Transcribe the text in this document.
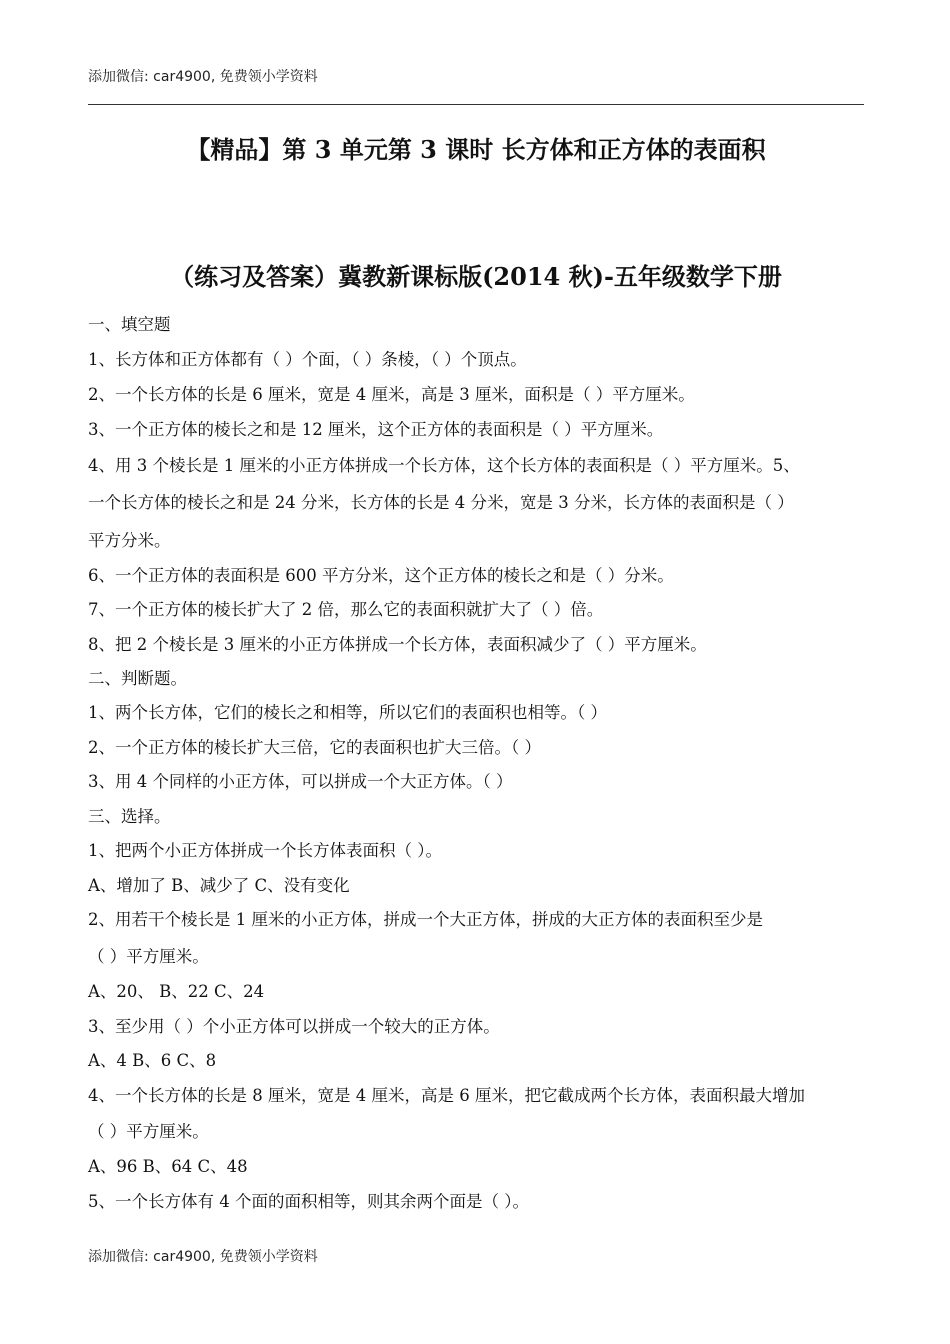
添加微信: car4900, 免费领小学资料
【精品】第 3 单元第 3 课时 长方体和正方体的表面积
（练习及答案）冀教新课标版(2014 秋)-五年级数学下册
一、填空题
1、长方体和正方体都有（ ）个面，（ ）条棱，（ ）个顶点。
2、一个长方体的长是 6 厘米，宽是 4 厘米，高是 3 厘米，面积是（ ）平方厘米。
3、一个正方体的棱长之和是 12 厘米，这个正方体的表面积是（ ）平方厘米。
4、用 3 个棱长是 1 厘米的小正方体拼成一个长方体，这个长方体的表面积是（ ）平方厘米。5、
一个长方体的棱长之和是 24 分米，长方体的长是 4 分米，宽是 3 分米，长方体的表面积是（ ）
平方分米。
6、一个正方体的表面积是 600 平方分米，这个正方体的棱长之和是（ ）分米。
7、一个正方体的棱长扩大了 2 倍，那么它的表面积就扩大了（ ）倍。
8、把 2 个棱长是 3 厘米的小正方体拼成一个长方体，表面积减少了（ ）平方厘米。
二、判断题。
1、两个长方体，它们的棱长之和相等，所以它们的表面积也相等。（ ）
2、一个正方体的棱长扩大三倍，它的表面积也扩大三倍。（ ）
3、用 4 个同样的小正方体，可以拼成一个大正方体。（ ）
三、选择。
1、把两个小正方体拼成一个长方体表面积（ ）。
A、增加了 B、减少了 C、没有变化
2、用若干个棱长是 1 厘米的小正方体，拼成一个大正方体，拼成的大正方体的表面积至少是
（ ）平方厘米。
A、20、 B、22 C、24
3、至少用（ ）个小正方体可以拼成一个较大的正方体。
A、4 B、6 C、8
4、一个长方体的长是 8 厘米，宽是 4 厘米，高是 6 厘米，把它截成两个长方体，表面积最大增加
（ ）平方厘米。
A、96 B、64 C、48
5、一个长方体有 4 个面的面积相等，则其余两个面是（ ）。
添加微信: car4900, 免费领小学资料
